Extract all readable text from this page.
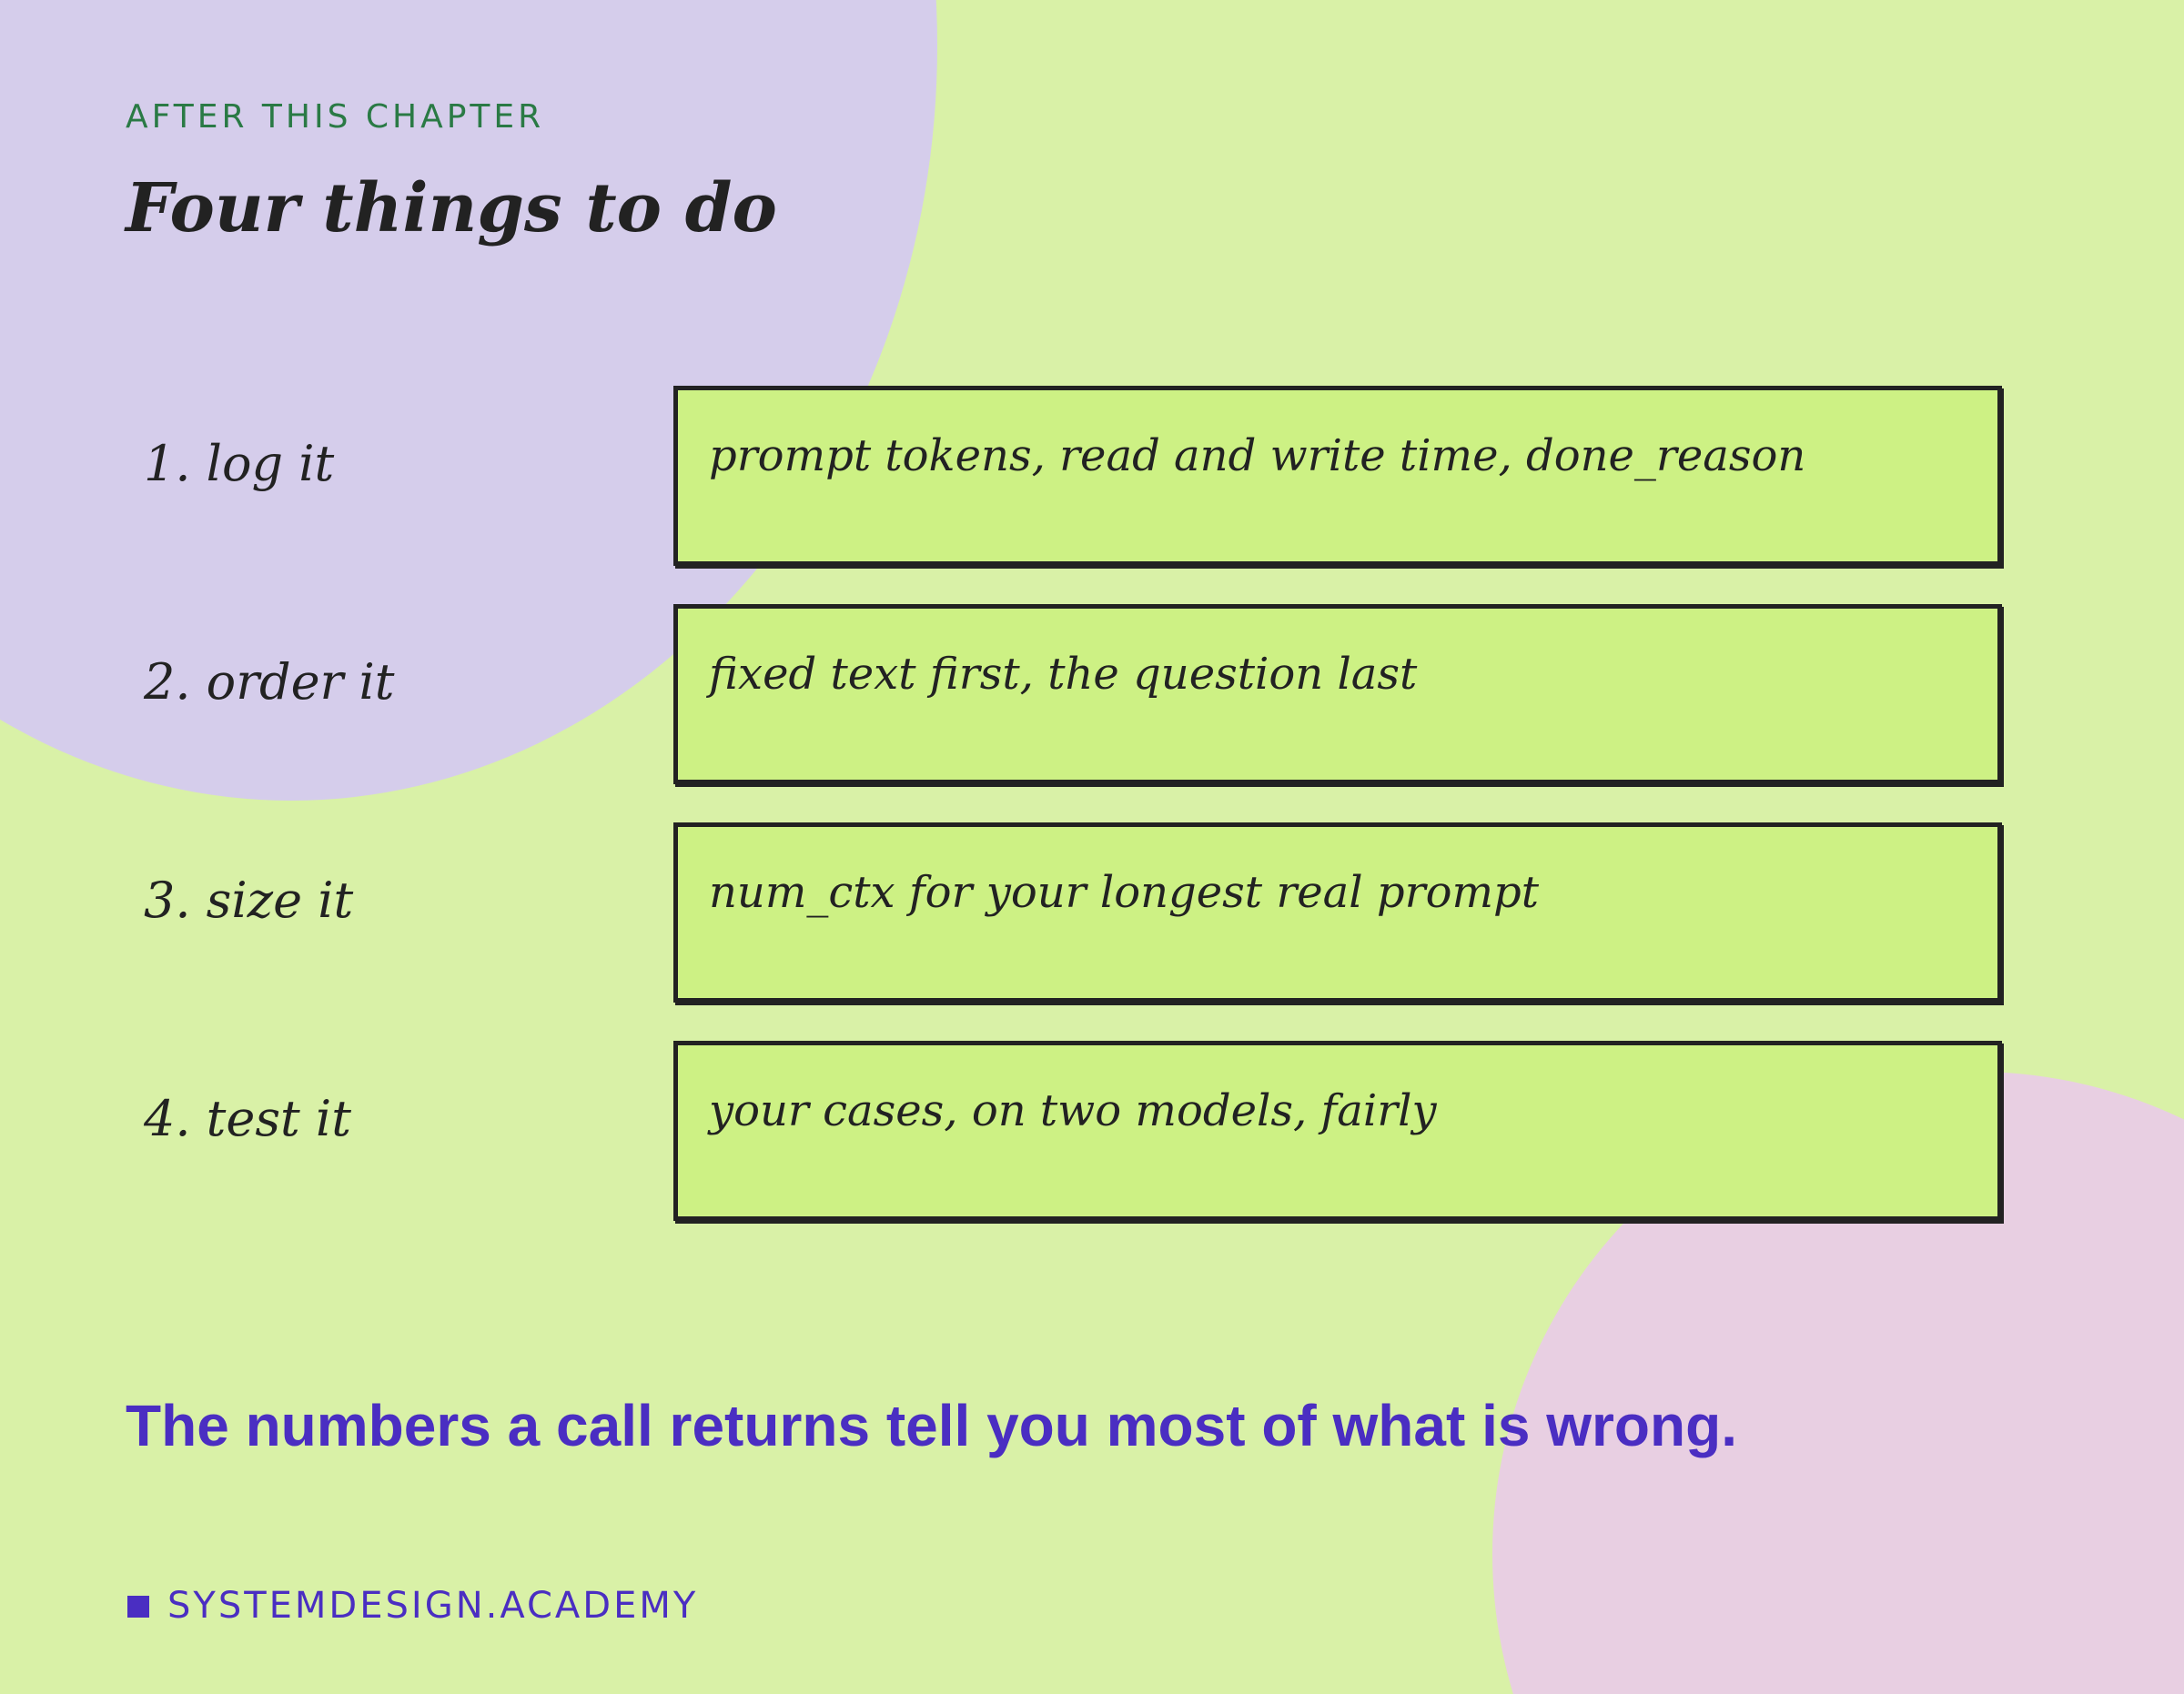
AFTER THIS CHAPTER
Four things to do
1. log it	prompt tokens, read and write time, done_reason
2. order it	fixed text first, the question last
3. size it	num_ctx for your longest real prompt
4. test it	your cases, on two models, fairly
The numbers a call returns tell you most of what is wrong.
SYSTEMDESIGN.ACADEMY
